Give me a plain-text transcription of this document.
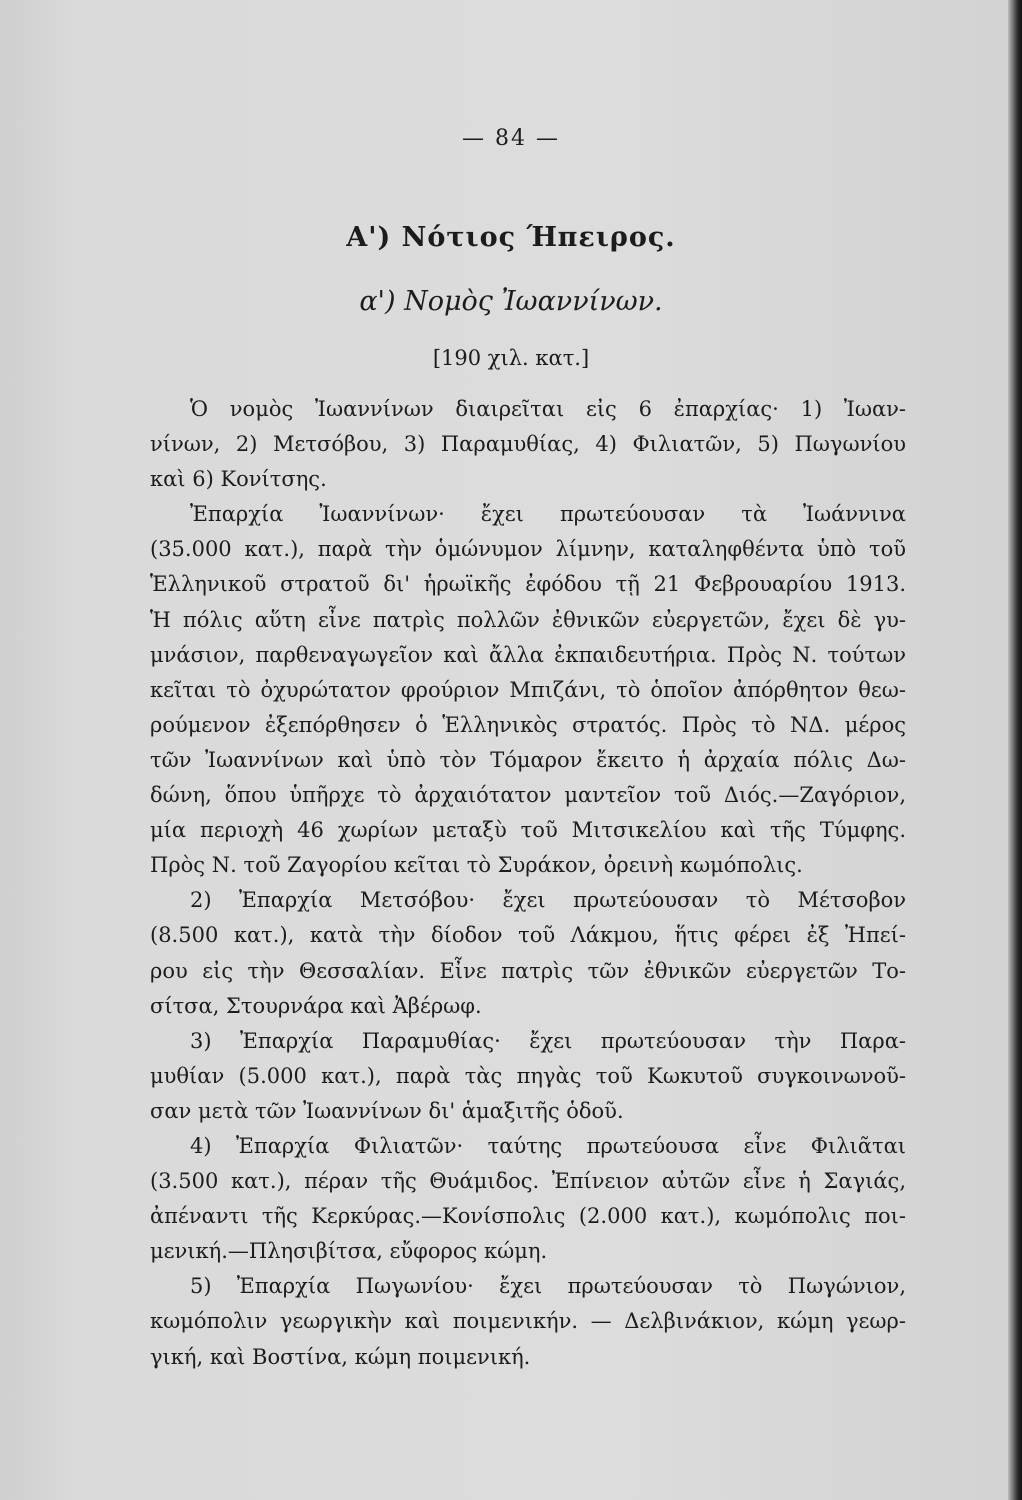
— 84 —
Α') Νότιος Ήπειρος.
α') Νομὸς Ἰωαννίνων.
[190 χιλ. κατ.]
Ὁ νομὸς Ἰωαννίνων διαιρεῖται εἰς 6 ἐπαρχίας· 1) Ἰωαν-
νίνων, 2) Μετσόβου, 3) Παραμυθίας, 4) Φιλιατῶν, 5) Πωγωνίου
καὶ 6) Κονίτσης.
Ἐπαρχία Ἰωαννίνων· ἔχει πρωτεύουσαν τὰ Ἰωάννινα
(35.000 κατ.), παρὰ τὴν ὁμώνυμον λίμνην, καταληφθέντα ὑπὸ τοῦ
Ἑλληνικοῦ στρατοῦ δι' ἡρωϊκῆς ἐφόδου τῇ 21 Φεβρουαρίου 1913.
Ἡ πόλις αὕτη εἶνε πατρὶς πολλῶν ἐθνικῶν εὐεργετῶν, ἔχει δὲ γυ-
μνάσιον, παρθεναγωγεῖον καὶ ἄλλα ἐκπαιδευτήρια. Πρὸς Ν. τούτων
κεῖται τὸ ὀχυρώτατον φρούριον Μπιζάνι, τὸ ὁποῖον ἀπόρθητον θεω-
ρούμενον ἐξεπόρθησεν ὁ Ἑλληνικὸς στρατός. Πρὸς τὸ ΝΔ. μέρος
τῶν Ἰωαννίνων καὶ ὑπὸ τὸν Τόμαρον ἔκειτο ἡ ἀρχαία πόλις Δω-
δώνη, ὅπου ὑπῆρχε τὸ ἀρχαιότατον μαντεῖον τοῦ Διός.—Ζαγόριον,
μία περιοχὴ 46 χωρίων μεταξὺ τοῦ Μιτσικελίου καὶ τῆς Τύμφης.
Πρὸς Ν. τοῦ Ζαγορίου κεῖται τὸ Συράκον, ὀρεινὴ κωμόπολις.
2) Ἐπαρχία Μετσόβου· ἔχει πρωτεύουσαν τὸ Μέτσοβον
(8.500 κατ.), κατὰ τὴν δίοδον τοῦ Λάκμου, ἥτις φέρει ἐξ Ἠπεί-
ρου εἰς τὴν Θεσσαλίαν. Εἶνε πατρὶς τῶν ἐθνικῶν εὐεργετῶν Το-
σίτσα, Στουρνάρα καὶ Ἀβέρωφ.
3) Ἐπαρχία Παραμυθίας· ἔχει πρωτεύουσαν τὴν Παρα-
μυθίαν (5.000 κατ.), παρὰ τὰς πηγὰς τοῦ Κωκυτοῦ συγκοινωνοῦ-
σαν μετὰ τῶν Ἰωαννίνων δι' ἁμαξιτῆς ὁδοῦ.
4) Ἐπαρχία Φιλιατῶν· ταύτης πρωτεύουσα εἶνε Φιλιᾶται
(3.500 κατ.), πέραν τῆς Θυάμιδος. Ἐπίνειον αὐτῶν εἶνε ἡ Σαγιάς,
ἀπέναντι τῆς Κερκύρας.—Κονίσπολις (2.000 κατ.), κωμόπολις ποι-
μενική.—Πλησιβίτσα, εὔφορος κώμη.
5) Ἐπαρχία Πωγωνίου· ἔχει πρωτεύουσαν τὸ Πωγώνιον,
κωμόπολιν γεωργικὴν καὶ ποιμενικήν. — Δελβινάκιον, κώμη γεωρ-
γική, καὶ Βοστίνα, κώμη ποιμενική.
